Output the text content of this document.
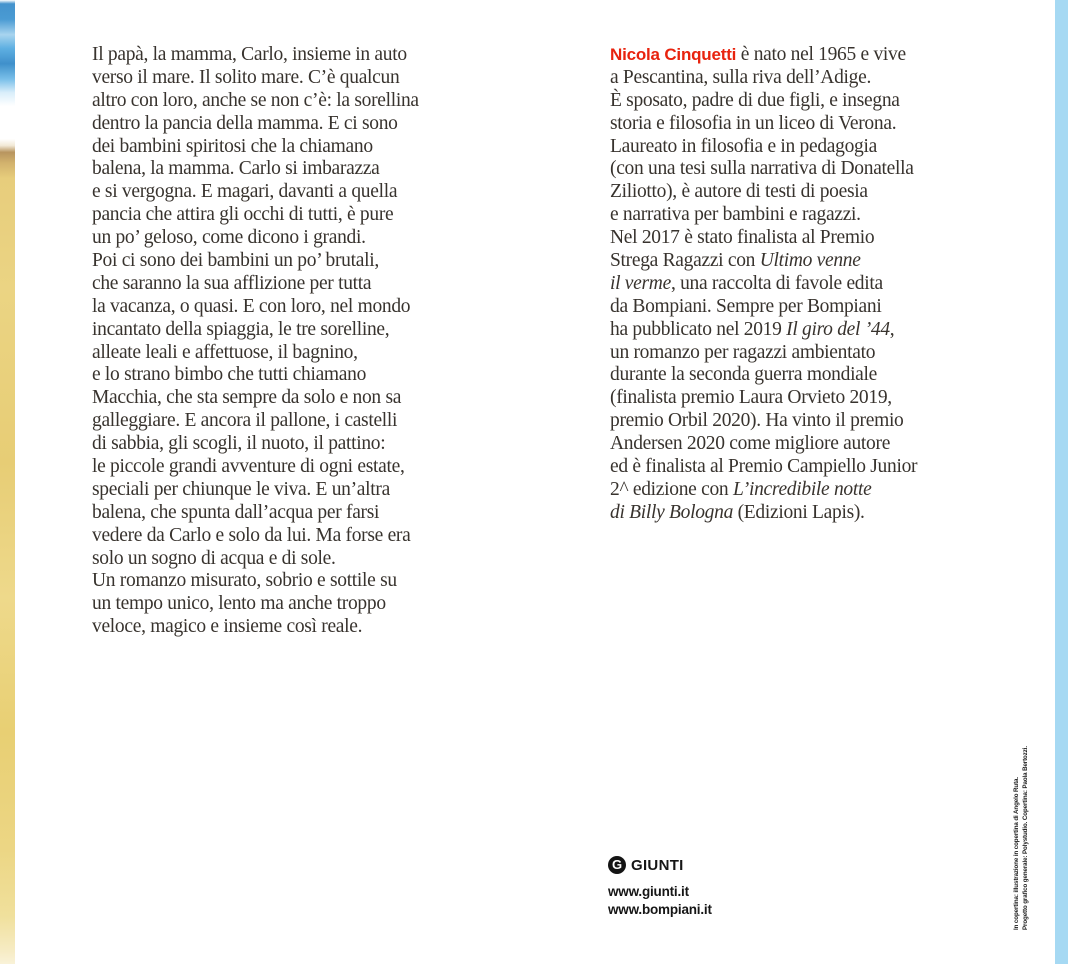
Il papà, la mamma, Carlo, insieme in auto
verso il mare. Il solito mare. C’è qualcun
altro con loro, anche se non c’è: la sorellina
dentro la pancia della mamma. E ci sono
dei bambini spiritosi che la chiamano
balena, la mamma. Carlo si imbarazza
e si vergogna. E magari, davanti a quella
pancia che attira gli occhi di tutti, è pure
un po’ geloso, come dicono i grandi.
Poi ci sono dei bambini un po’ brutali,
che saranno la sua afflizione per tutta
la vacanza, o quasi. E con loro, nel mondo
incantato della spiaggia, le tre sorelline,
alleate leali e affettuose, il bagnino,
e lo strano bimbo che tutti chiamano
Macchia, che sta sempre da solo e non sa
galleggiare. E ancora il pallone, i castelli
di sabbia, gli scogli, il nuoto, il pattino:
le piccole grandi avventure di ogni estate,
speciali per chiunque le viva. E un’altra
balena, che spunta dall’acqua per farsi
vedere da Carlo e solo da lui. Ma forse era
solo un sogno di acqua e di sole.
Un romanzo misurato, sobrio e sottile su
un tempo unico, lento ma anche troppo
veloce, magico e insieme così reale.
Nicola Cinquetti è nato nel 1965 e vive
a Pescantina, sulla riva dell’Adige.
È sposato, padre di due figli, e insegna
storia e filosofia in un liceo di Verona.
Laureato in filosofia e in pedagogia
(con una tesi sulla narrativa di Donatella
Ziliotto), è autore di testi di poesia
e narrativa per bambini e ragazzi.
Nel 2017 è stato finalista al Premio
Strega Ragazzi con Ultimo venne
il verme, una raccolta di favole edita
da Bompiani. Sempre per Bompiani
ha pubblicato nel 2019 Il giro del ’44,
un romanzo per ragazzi ambientato
durante la seconda guerra mondiale
(finalista premio Laura Orvieto 2019,
premio Orbil 2020). Ha vinto il premio
Andersen 2020 come migliore autore
ed è finalista al Premio Campiello Junior
2^ edizione con L’incredibile notte
di Billy Bologna (Edizioni Lapis).
G GIUNTI
www.giunti.it
www.bompiani.it	In copertina: illustrazione in copertina di Angelo Ruta. Progetto grafico generale: Polystudio. Copertina: Paola Bertozzi.
